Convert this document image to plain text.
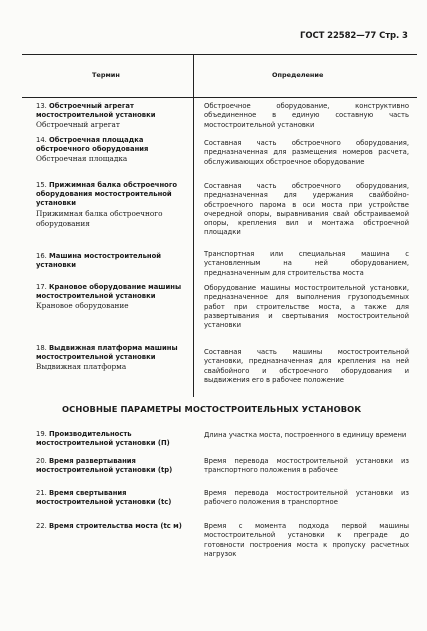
ГОСТ 22582—77 Стр. 3
Термин	Определение
13. Обстроечный агрегат мостостроительной установки
Обстроечный агрегат
Обстроечное оборудование, конструктивно объединенное в единую составную часть мостостроительной установки
14. Обстроечная площадка обстроечного оборудования
Обстроечная площадка
Составная часть обстроечного оборудования, предназначенная для размещения номеров расчета, обслуживающих обстроечное оборудование
15. Прижимная балка обстроечного оборудования мостостроительной установки
Прижимная балка обстроечного оборудования
Составная часть обстроечного оборудования, предназначенная для удержания свайбойно-обстроечного парома в оси моста при устройстве очередной опоры, выравнивания свай обстраиваемой опоры, крепления вил и монтажа обстроечной площадки
16. Машина мостостроительной установки
Транспортная или специальная машина с установленным на ней оборудованием, предназначенным для строительства моста
17. Крановое оборудование машины мостостроительной установки
Крановое оборудование
Оборудование машины мостостроительной установки, предназначенное для выполнения грузоподъемных работ при строительстве моста, а также для развертывания и свертывания мостостроительной установки
18. Выдвижная платформа машины мостостроительной установки
Выдвижная платформа
Составная часть машины мостостроительной установки, предназначенная для крепления на ней свайбойного и обстроечного оборудования и выдвижения его в рабочее положение
ОСНОВНЫЕ ПАРАМЕТРЫ МОСТОСТРОИТЕЛЬНЫХ УСТАНОВОК
19. Производительность мостостроительной установки (П)
Длина участка моста, построенного в единицу времени
20. Время развертывания мостостроительной установки (tр)
Время перевода мостостроительной установки из транспортного положения в рабочее
21. Время свертывания мостостроительной установки (tс)
Время перевода мостостроительной установки из рабочего положения в транспортное
22. Время строительства моста (tс м)	Время с момента подхода первой машины мостостроительной установки к преграде до готовности построения моста к пропуску расчетных нагрузок
